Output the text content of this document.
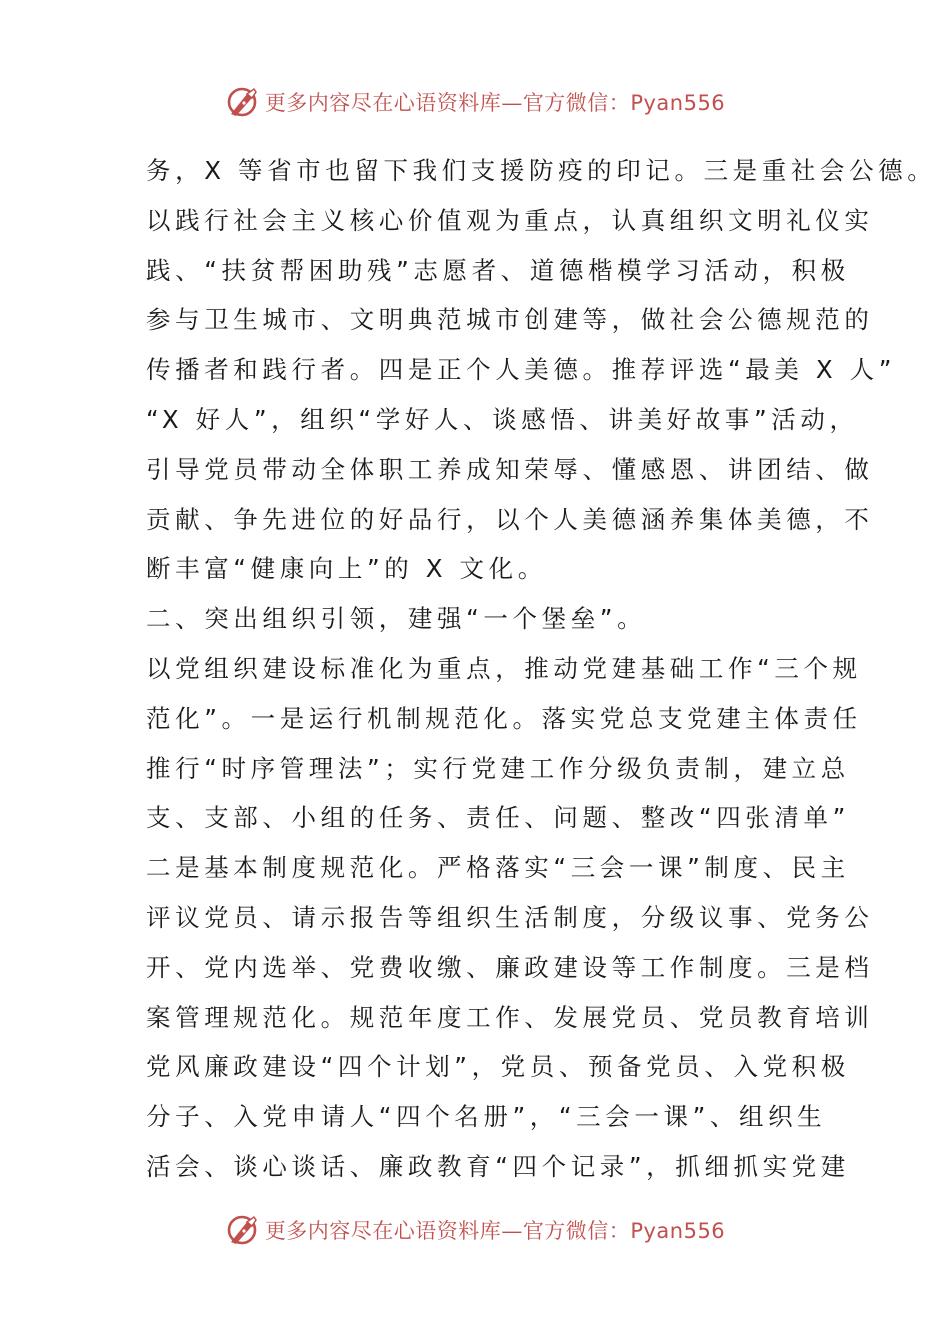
更多内容尽在心语资料库—官方微信：Pyan556
务，X 等省市也留下我们支援防疫的印记。三是重社会公德。
以践行社会主义核心价值观为重点，认真组织文明礼仪实
践、“扶贫帮困助残”志愿者、道德楷模学习活动，积极
参与卫生城市、文明典范城市创建等，做社会公德规范的
传播者和践行者。四是正个人美德。推荐评选“最美 X 人”
“X 好人”，组织“学好人、谈感悟、讲美好故事”活动，
引导党员带动全体职工养成知荣辱、懂感恩、讲团结、做
贡献、争先进位的好品行，以个人美德涵养集体美德，不
断丰富“健康向上”的 X 文化。
二、突出组织引领，建强“一个堡垒”。
以党组织建设标准化为重点，推动党建基础工作“三个规
范化”。一是运行机制规范化。落实党总支党建主体责任
推行“时序管理法”；实行党建工作分级负责制，建立总
支、支部、小组的任务、责任、问题、整改“四张清单”
二是基本制度规范化。严格落实“三会一课”制度、民主
评议党员、请示报告等组织生活制度，分级议事、党务公
开、党内选举、党费收缴、廉政建设等工作制度。三是档
案管理规范化。规范年度工作、发展党员、党员教育培训
党风廉政建设“四个计划”，党员、预备党员、入党积极
分子、入党申请人“四个名册”，“三会一课”、组织生
活会、谈心谈话、廉政教育“四个记录”，抓细抓实党建
更多内容尽在心语资料库—官方微信：Pyan556
